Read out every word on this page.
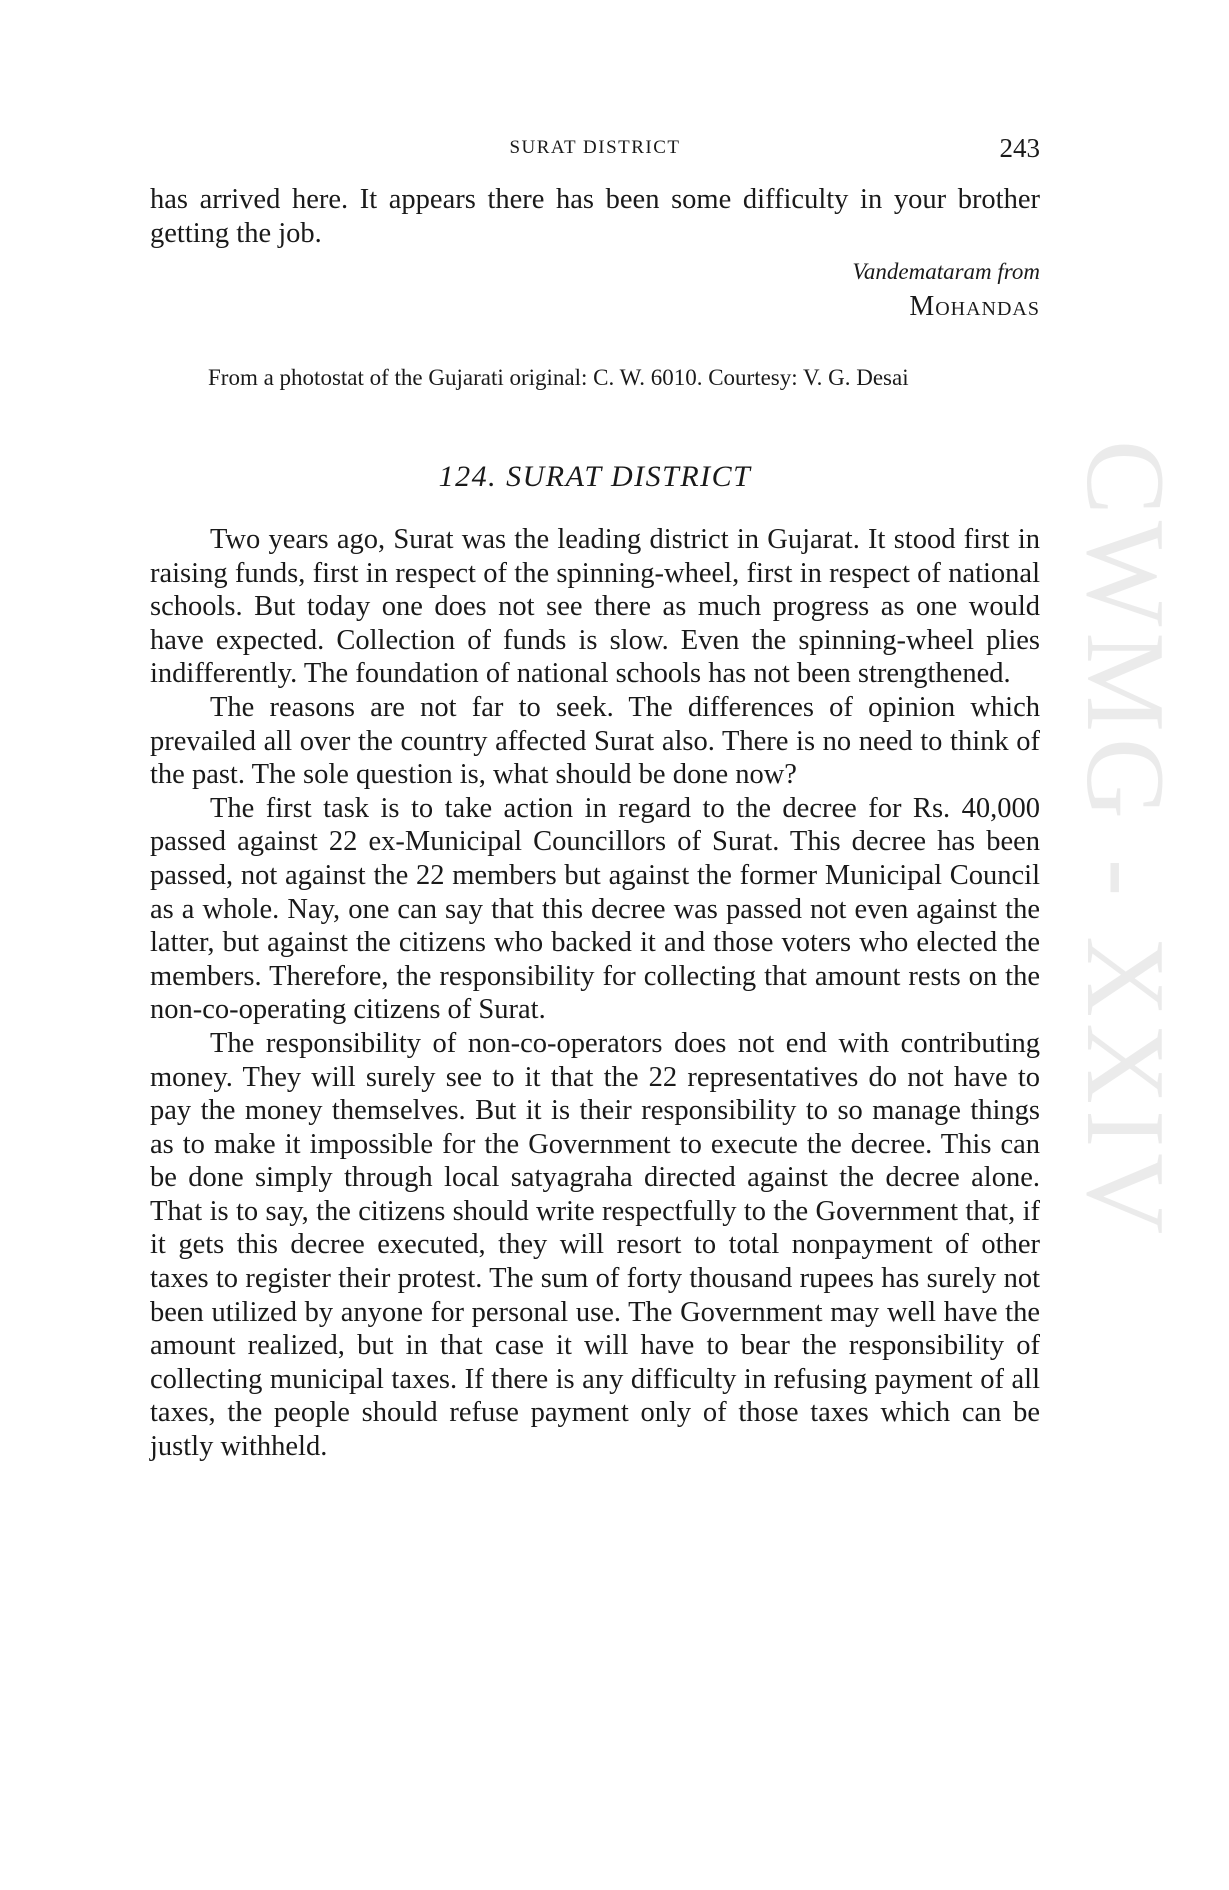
CWMG - XXIV
SURAT DISTRICT	243

has arrived here. It appears there has been some difficulty in your brother getting the job.

Vandemataram from
Mohandas

From a photostat of the Gujarati original: C. W. 6010. Courtesy: V. G. Desai

124. SURAT DISTRICT

Two years ago, Surat was the leading district in Gujarat. It stood first in raising funds, first in respect of the spinning-wheel, first in respect of national schools. But today one does not see there as much progress as one would have expected. Collection of funds is slow. Even the spinning-wheel plies indifferently. The foundation of national schools has not been strengthened.

The reasons are not far to seek. The differences of opinion which prevailed all over the country affected Surat also. There is no need to think of the past. The sole question is, what should be done now?

The first task is to take action in regard to the decree for Rs. 40,000 passed against 22 ex-Municipal Councillors of Surat. This decree has been passed, not against the 22 members but against the former Municipal Council as a whole. Nay, one can say that this decree was passed not even against the latter, but against the citizens who backed it and those voters who elected the members. Therefore, the responsibility for collecting that amount rests on the non-co-operating citizens of Surat.

The responsibility of non-co-operators does not end with contributing money. They will surely see to it that the 22 representatives do not have to pay the money themselves. But it is their responsibility to so manage things as to make it impossible for the Government to execute the decree. This can be done simply through local satyagraha directed against the decree alone. That is to say, the citizens should write respectfully to the Government that, if it gets this decree executed, they will resort to total nonpayment of other taxes to register their protest. The sum of forty thousand rupees has surely not been utilized by anyone for personal use. The Government may well have the amount realized, but in that case it will have to bear the responsibility of collecting municipal taxes. If there is any difficulty in refusing payment of all taxes, the people should refuse payment only of those taxes which can be justly withheld.
